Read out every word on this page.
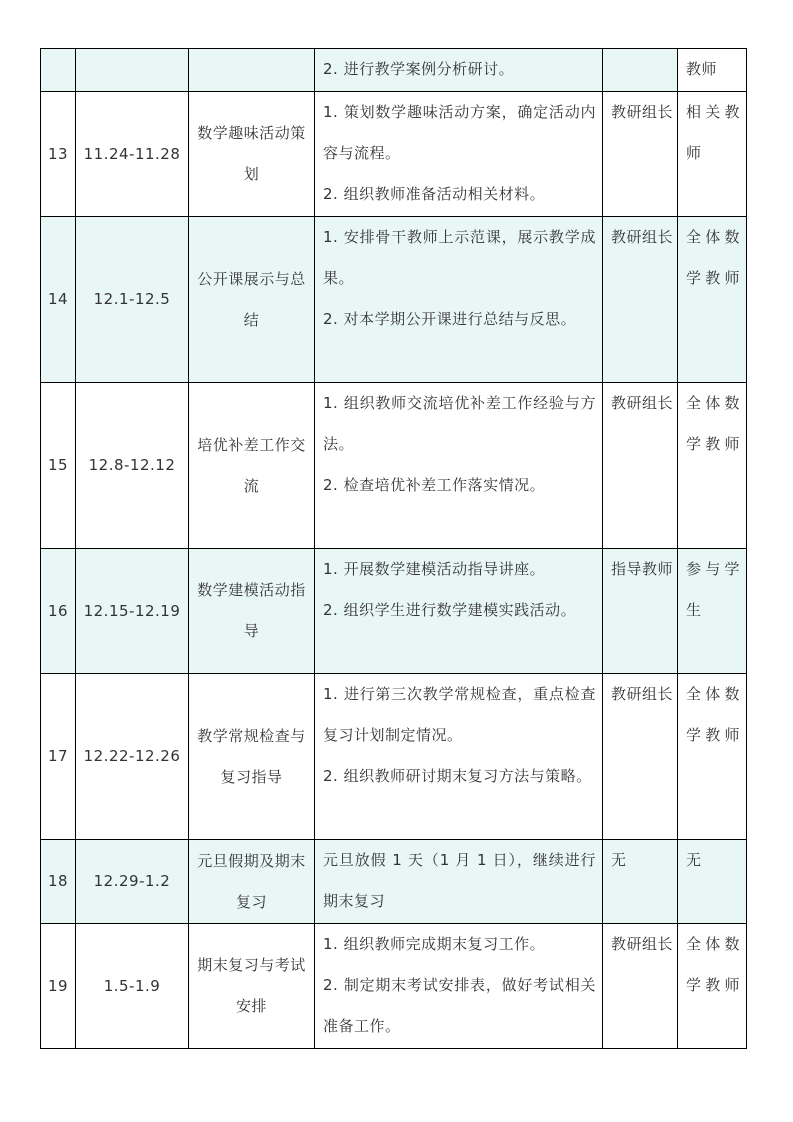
			2. 进行教学案例分析研讨。		教师
13	11.24-11.28	数学趣味活动策划	1. 策划数学趣味活动方案，确定活动内容与流程。
2. 组织教师准备活动相关材料。	教研组长	相关教师

14	12.1-12.5	公开课展示与总结	1. 安排骨干教师上示范课，展示教学成果。
2. 对本学期公开课进行总结与反思。	教研组长	全体数学教师

15	12.8-12.12	培优补差工作交流	1. 组织教师交流培优补差工作经验与方法。
2. 检查培优补差工作落实情况。	教研组长	全体数学教师

16	12.15-12.19	数学建模活动指导	1. 开展数学建模活动指导讲座。
2. 组织学生进行数学建模实践活动。	指导教师	参与学生

17	12.22-12.26	教学常规检查与复习指导	1. 进行第三次教学常规检查，重点检查复习计划制定情况。
2. 组织教师研讨期末复习方法与策略。	教研组长	全体数学教师

18	12.29-1.2	元旦假期及期末复习	元旦放假 1 天（1 月 1 日），继续进行期末复习	无	无
19	1.5-1.9	期末复习与考试安排	1. 组织教师完成期末复习工作。
2. 制定期末考试安排表，做好考试相关准备工作。	教研组长	全体数学教师
